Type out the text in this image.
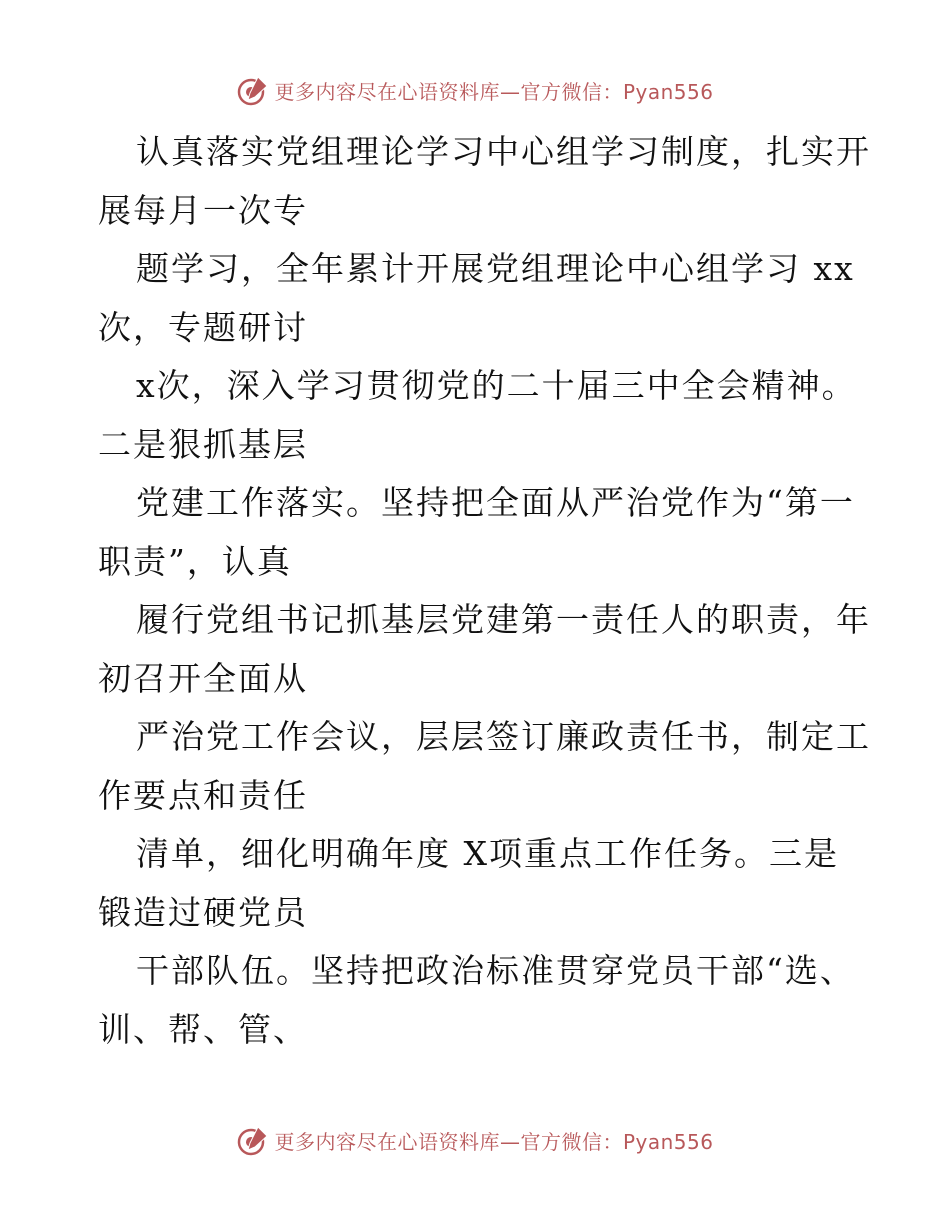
更多内容尽在心语资料库—官方微信：Pyan556

认真落实党组理论学习中心组学习制度，扎实开
展每月一次专

题学习，全年累计开展党组理论中心组学习 xx
次，专题研讨

x次，深入学习贯彻党的二十届三中全会精神。
二是狠抓基层

党建工作落实。坚持把全面从严治党作为“第一
职责”，认真

履行党组书记抓基层党建第一责任人的职责，年
初召开全面从

严治党工作会议，层层签订廉政责任书，制定工
作要点和责任

清单，细化明确年度 X项重点工作任务。三是
锻造过硬党员

干部队伍。坚持把政治标准贯穿党员干部“选、
训、帮、管、

更多内容尽在心语资料库—官方微信：Pyan556
